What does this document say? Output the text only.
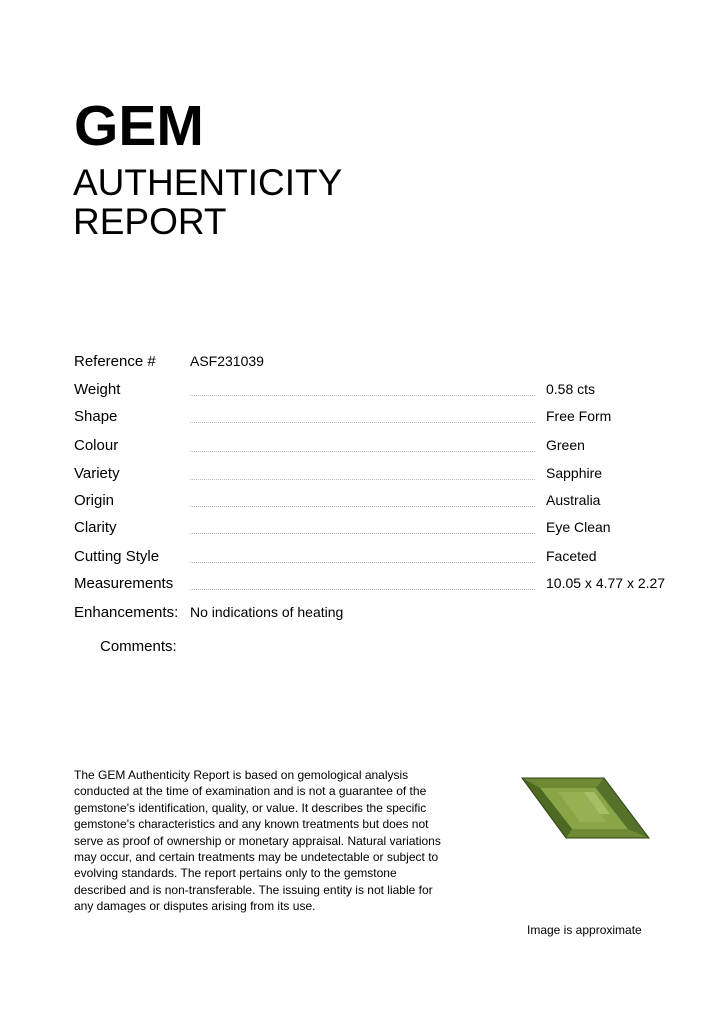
GEM
AUTHENTICITY
REPORT
Reference # ASF231039
Weight	0.58 cts
Shape	Free Form
Colour	Green
Variety	Sapphire
Origin	Australia
Clarity	Eye Clean
Cutting Style	Faceted
Measurements	10.05 x 4.77 x 2.27
Enhancements: No indications of heating
Comments:
The GEM Authenticity Report is based on gemological analysis conducted at the time of examination and is not a guarantee of the gemstone's identification, quality, or value. It describes the specific gemstone's characteristics and any known treatments but does not serve as proof of ownership or monetary appraisal. Natural variations may occur, and certain treatments may be undetectable or subject to evolving standards. The report pertains only to the gemstone described and is non-transferable. The issuing entity is not liable for any damages or disputes arising from its use.
Image is approximate
